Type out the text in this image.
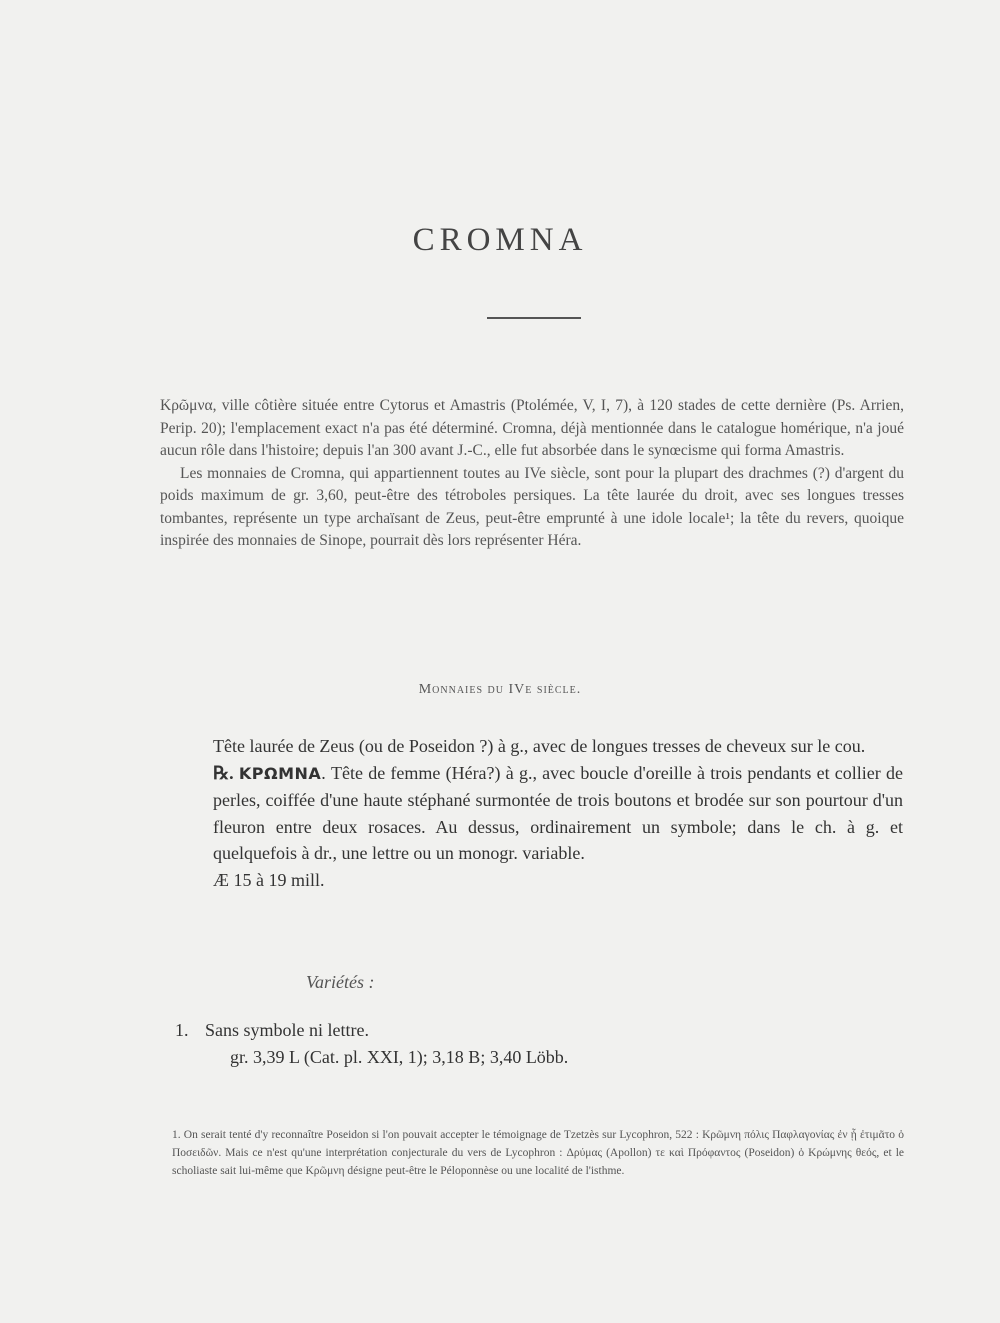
CROMNA

Κρῶμνα, ville côtière située entre Cytorus et Amastris (Ptolémée, V, I, 7), à 120 stades de cette dernière (Ps. Arrien, Perip. 20); l'emplacement exact n'a pas été déterminé. Cromna, déjà mentionnée dans le catalogue homérique, n'a joué aucun rôle dans l'histoire; depuis l'an 300 avant J.-C., elle fut absorbée dans le synœcisme qui forma Amastris.

Les monnaies de Cromna, qui appartiennent toutes au IVe siècle, sont pour la plupart des drachmes (?) d'argent du poids maximum de gr. 3,60, peut-être des tétroboles persiques. La tête laurée du droit, avec ses longues tresses tombantes, représente un type archaïsant de Zeus, peut-être emprunté à une idole locale¹; la tête du revers, quoique inspirée des monnaies de Sinope, pourrait dès lors représenter Héra.

Monnaies du IVe siècle.

Tête laurée de Zeus (ou de Poseidon ?) à g., avec de longues tresses de cheveux sur le cou.

℞. ΚΡΩΜΝΑ. Tête de femme (Héra?) à g., avec boucle d'oreille à trois pendants et collier de perles, coiffée d'une haute stéphané surmontée de trois boutons et brodée sur son pourtour d'un fleuron entre deux rosaces. Au dessus, ordinairement un symbole; dans le ch. à g. et quelquefois à dr., une lettre ou un monogr. variable.

Æ 15 à 19 mill.

Variétés :
1. Sans symbole ni lettre.
gr. 3,39 L (Cat. pl. XXI, 1); 3,18 B; 3,40 Löbb.

1. On serait tenté d'y reconnaître Poseidon si l'on pouvait accepter le témoignage de Tzetzès sur Lycophron, 522 : Κρῶμνη πόλις Παφλαγονίας ἐν ᾗ ἐτιμᾶτο ὁ Ποσειδῶν. Mais ce n'est qu'une interprétation conjecturale du vers de Lycophron : Δρύμας (Apollon) τε καὶ Πρόφαντος (Poseidon) ὁ Κρώμνης θεός, et le scholiaste sait lui-même que Κρῶμνη désigne peut-être le Péloponnèse ou une localité de l'isthme.
